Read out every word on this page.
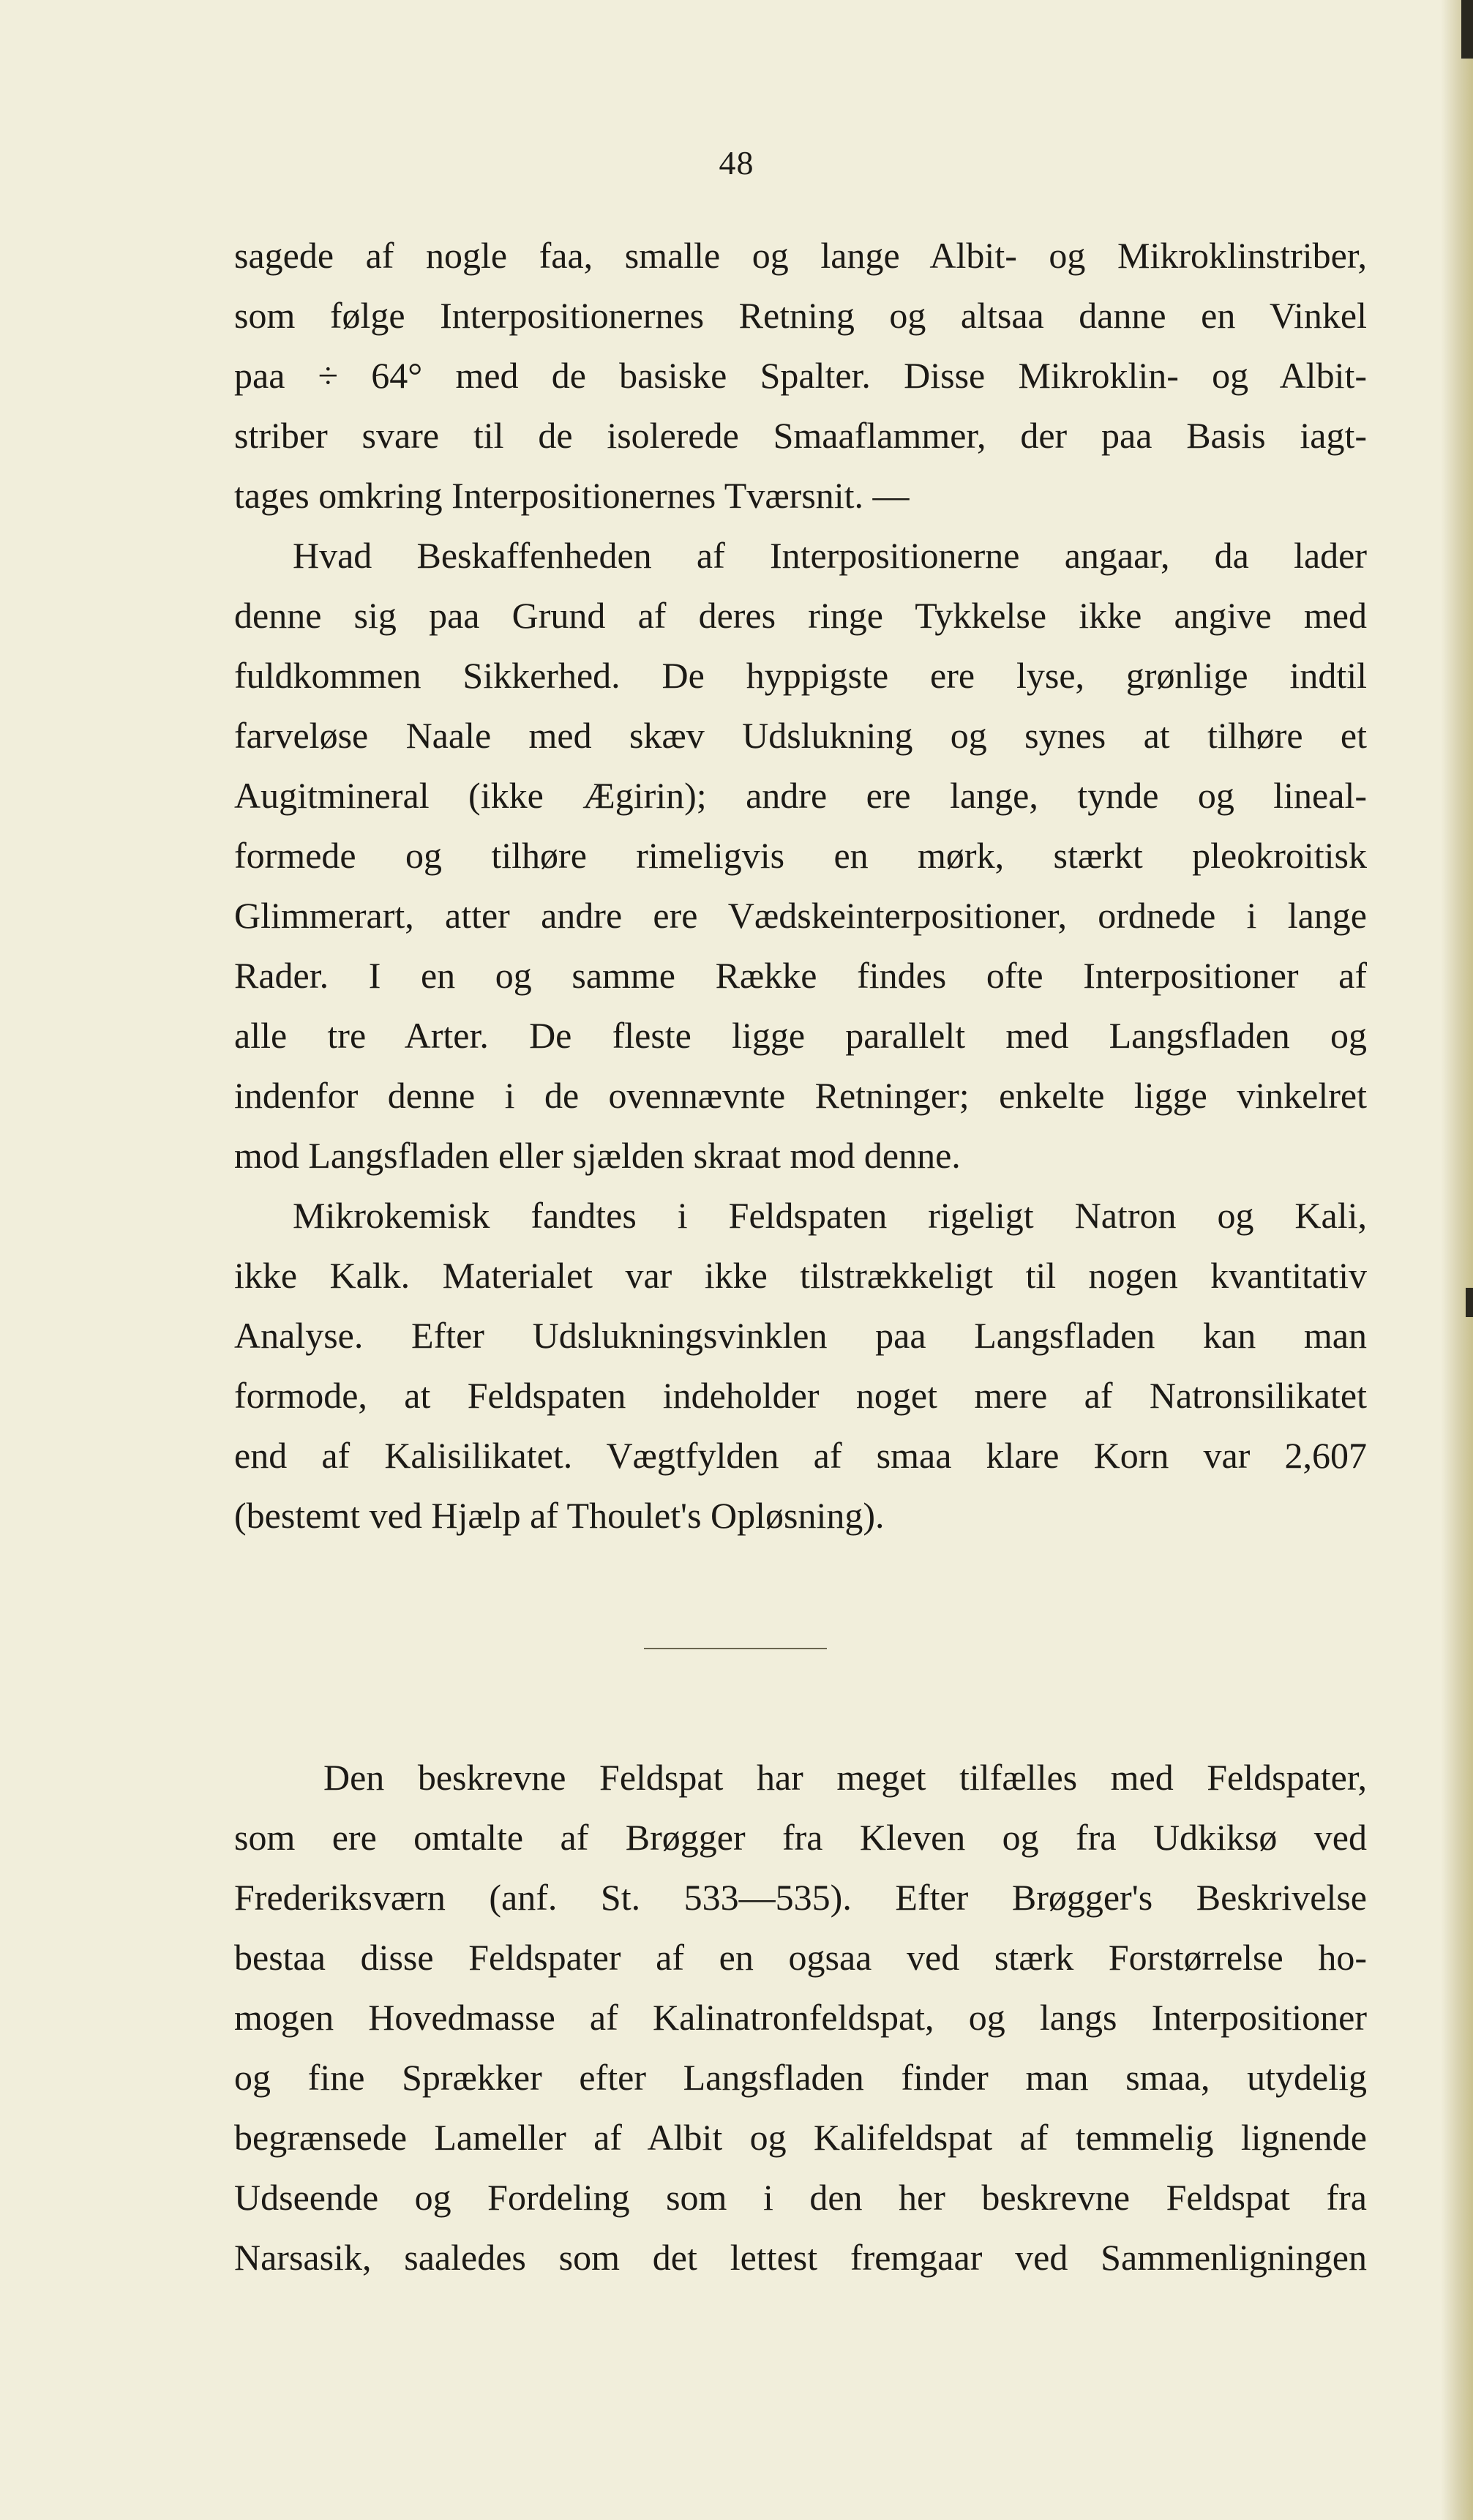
48
sagede af nogle faa, smalle og lange Albit- og Mikroklinstriber,
som følge Interpositionernes Retning og altsaa danne en Vinkel
paa ÷ 64° med de basiske Spalter. Disse Mikroklin- og Albit-
striber svare til de isolerede Smaaflammer, der paa Basis iagt-
tages omkring Interpositionernes Tværsnit. —
Hvad Beskaffenheden af Interpositionerne angaar, da lader
denne sig paa Grund af deres ringe Tykkelse ikke angive med
fuldkommen Sikkerhed. De hyppigste ere lyse, grønlige indtil
farveløse Naale med skæv Udslukning og synes at tilhøre et
Augitmineral (ikke Ægirin); andre ere lange, tynde og lineal-
formede og tilhøre rimeligvis en mørk, stærkt pleokroitisk
Glimmerart, atter andre ere Vædskeinterpositioner, ordnede i lange
Rader. I en og samme Række findes ofte Interpositioner af
alle tre Arter. De fleste ligge parallelt med Langsfladen og
indenfor denne i de ovennævnte Retninger; enkelte ligge vinkelret
mod Langsfladen eller sjælden skraat mod denne.
Mikrokemisk fandtes i Feldspaten rigeligt Natron og Kali,
ikke Kalk. Materialet var ikke tilstrækkeligt til nogen kvantitativ
Analyse. Efter Udslukningsvinklen paa Langsfladen kan man
formode, at Feldspaten indeholder noget mere af Natronsilikatet
end af Kalisilikatet. Vægtfylden af smaa klare Korn var 2,607
(bestemt ved Hjælp af Thoulet's Opløsning).
Den beskrevne Feldspat har meget tilfælles med Feldspater,
som ere omtalte af Brøgger fra Kleven og fra Udkiksø ved
Frederiksværn (anf. St. 533—535). Efter Brøgger's Beskrivelse
bestaa disse Feldspater af en ogsaa ved stærk Forstørrelse ho-
mogen Hovedmasse af Kalinatronfeldspat, og langs Interpositioner
og fine Sprækker efter Langsfladen finder man smaa, utydelig
begrænsede Lameller af Albit og Kalifeldspat af temmelig lignende
Udseende og Fordeling som i den her beskrevne Feldspat fra
Narsasik, saaledes som det lettest fremgaar ved Sammenligningen
